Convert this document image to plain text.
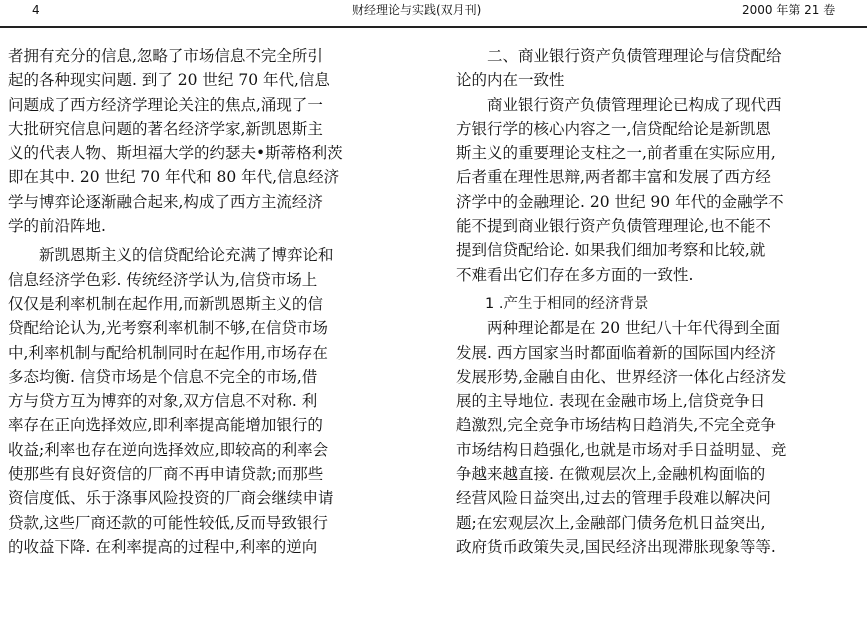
4	财经理论与实践(双月刊)	2000 年第 21 卷
者拥有充分的信息,忽略了市场信息不完全所引
起的各种现实问题. 到了 20 世纪 70 年代,信息
问题成了西方经济学理论关注的焦点,涌现了一
大批研究信息问题的著名经济学家,新凯恩斯主
义的代表人物、斯坦福大学的约瑟夫•斯蒂格利茨
即在其中. 20 世纪 70 年代和 80 年代,信息经济
学与博弈论逐渐融合起来,构成了西方主流经济
学的前沿阵地.
　　新凯恩斯主义的信贷配给论充满了博弈论和
信息经济学色彩. 传统经济学认为,信贷市场上
仅仅是利率机制在起作用,而新凯恩斯主义的信
贷配给论认为,光考察利率机制不够,在信贷市场
中,利率机制与配给机制同时在起作用,市场存在
多态均衡. 信贷市场是个信息不完全的市场,借
方与贷方互为博弈的对象,双方信息不对称. 利
率存在正向选择效应,即利率提高能增加银行的
收益;利率也存在逆向选择效应,即较高的利率会
使那些有良好资信的厂商不再申请贷款;而那些
资信度低、乐于涤事风险投资的厂商会继续申请
贷款,这些厂商还款的可能性较低,反而导致银行
的收益下降. 在利率提高的过程中,利率的逆向
　　二、商业银行资产负债管理理论与信贷配给
论的内在一致性
　　商业银行资产负债管理理论已构成了现代西
方银行学的核心内容之一,信贷配给论是新凯恩
斯主义的重要理论支柱之一,前者重在实际应用,
后者重在理性思辩,两者都丰富和发展了西方经
济学中的金融理论. 20 世纪 90 年代的金融学不
能不提到商业银行资产负债管理理论,也不能不
提到信贷配给论. 如果我们细加考察和比较,就
不难看出它们存在多方面的一致性.
　　1 .产生于相同的经济背景
　　两种理论都是在 20 世纪八十年代得到全面
发展. 西方国家当时都面临着新的国际国内经济
发展形势,金融自由化、世界经济一体化占经济发
展的主导地位. 表现在金融市场上,信贷竞争日
趋激烈,完全竞争市场结构日趋消失,不完全竞争
市场结构日趋强化,也就是市场对手日益明显、竞
争越来越直接. 在微观层次上,金融机构面临的
经营风险日益突出,过去的管理手段难以解决问
题;在宏观层次上,金融部门债务危机日益突出,
政府货币政策失灵,国民经济出现滞胀现象等等.
